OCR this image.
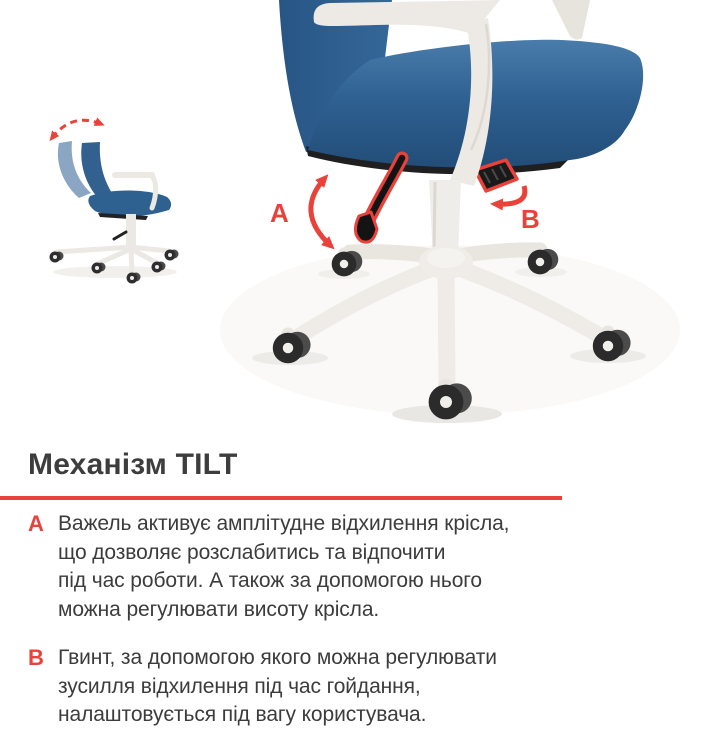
A	B
Механізм TILT
A Важель активує амплітудне відхилення крісла,
що дозволяє розслабитись та відпочити
під час роботи. А також за допомогою нього
можна регулювати висоту крісла.
B Гвинт, за допомогою якого можна регулювати
зусилля відхилення під час гойдання,
налаштовується під вагу користувача.
